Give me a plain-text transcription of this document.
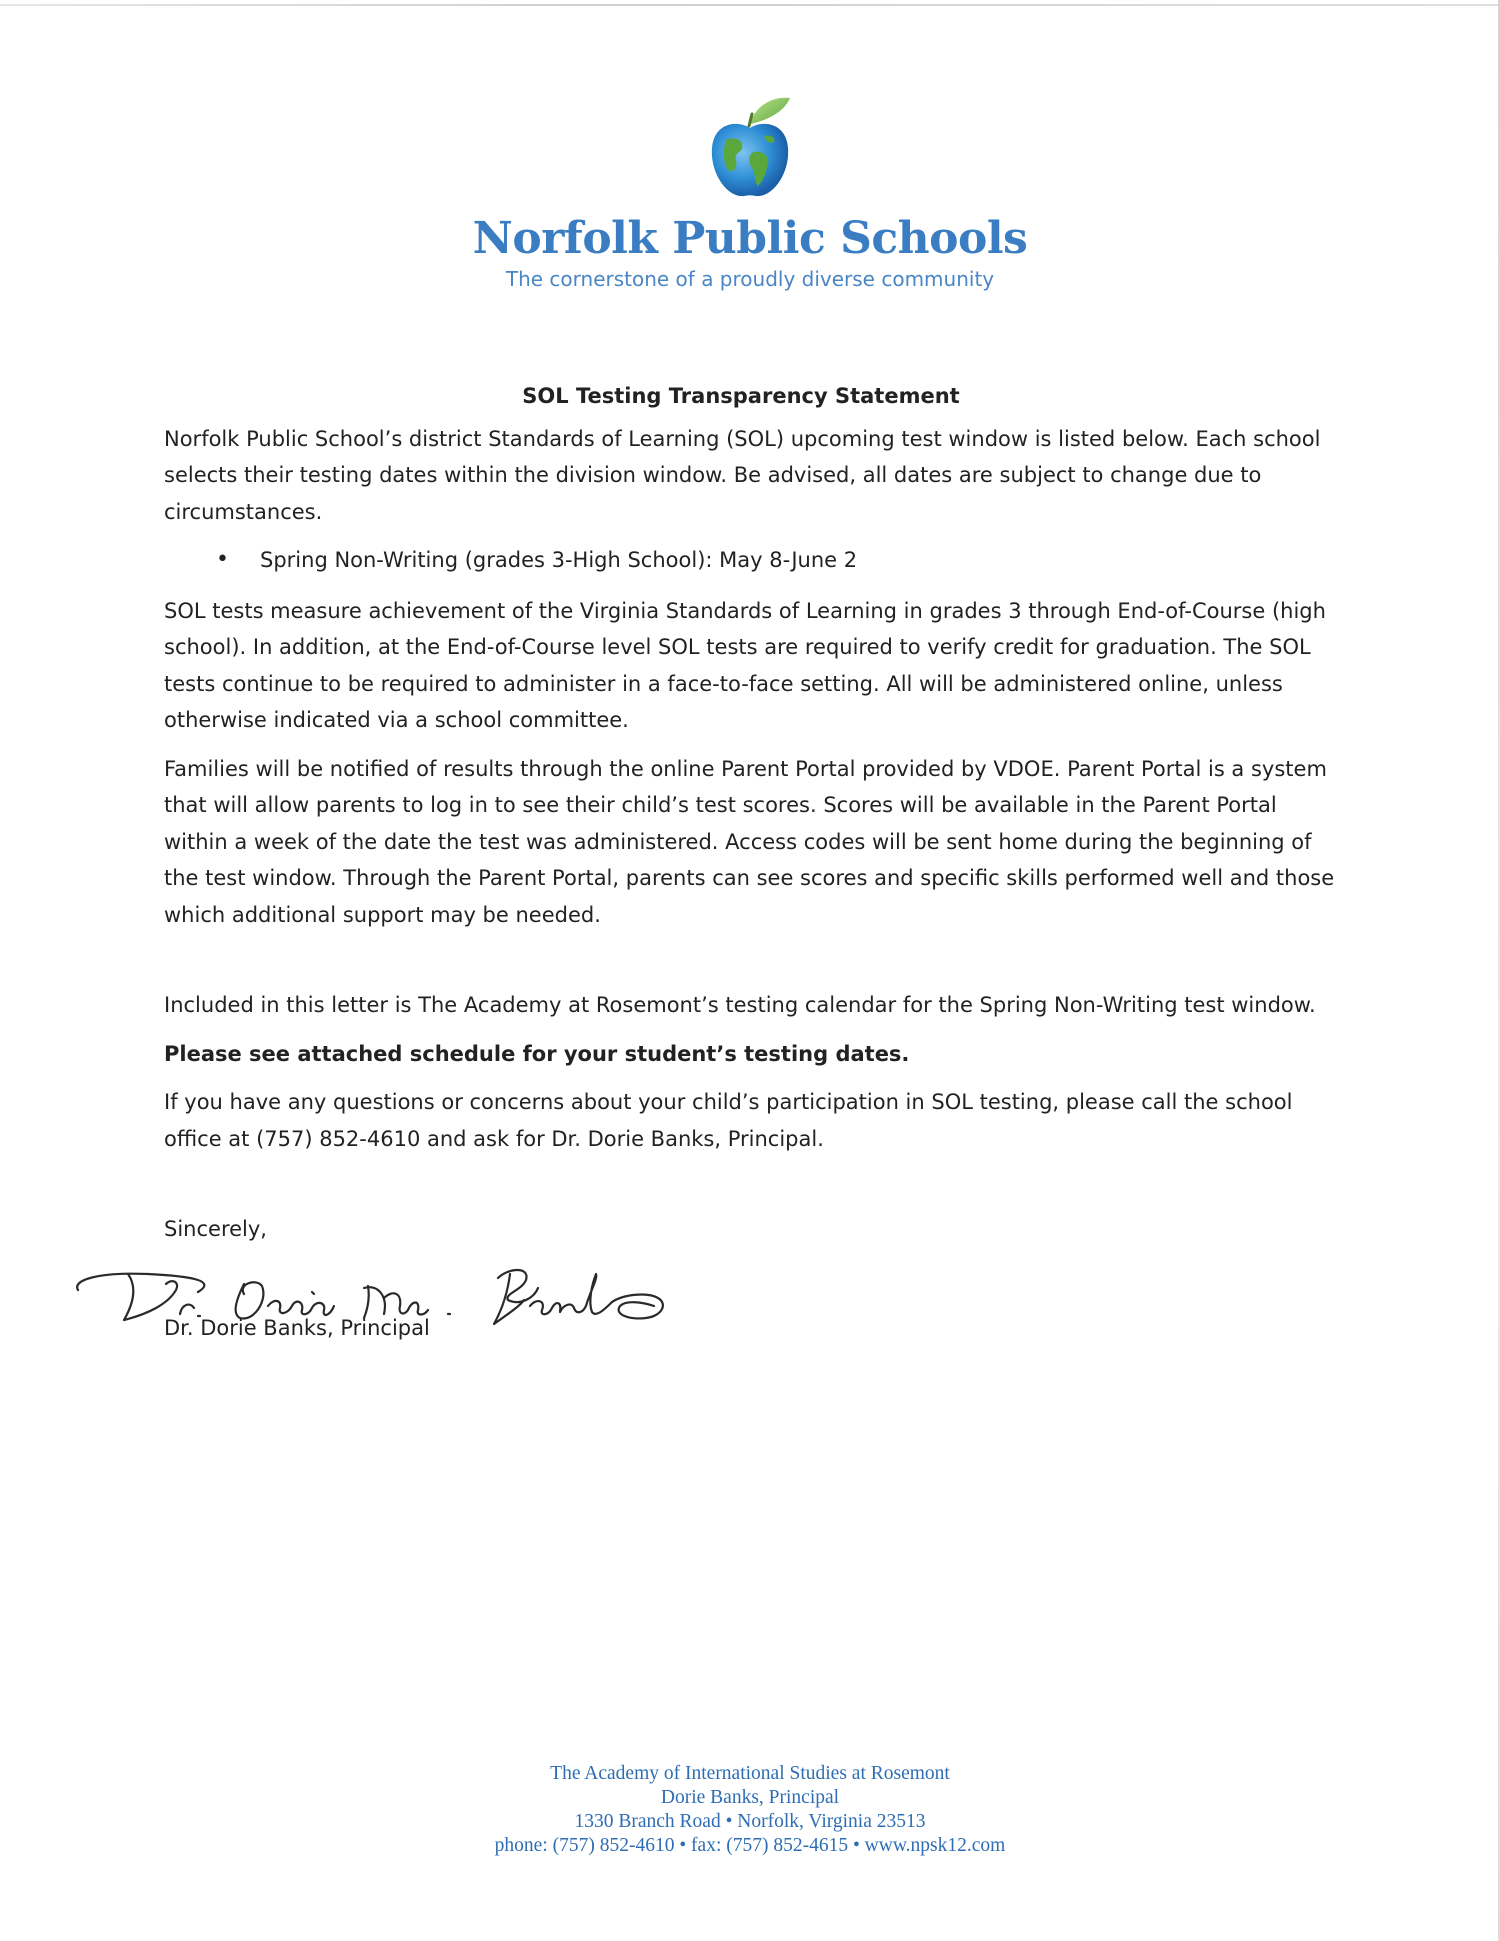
Norfolk Public Schools
The cornerstone of a proudly diverse community
SOL Testing Transparency Statement

Norfolk Public School’s district Standards of Learning (SOL) upcoming test window is listed below. Each school selects their testing dates within the division window. Be advised, all dates are subject to change due to circumstances.

• Spring Non-Writing (grades 3-High School): May 8-June 2

SOL tests measure achievement of the Virginia Standards of Learning in grades 3 through End-of-Course (high school). In addition, at the End-of-Course level SOL tests are required to verify credit for graduation. The SOL tests continue to be required to administer in a face-to-face setting. All will be administered online, unless otherwise indicated via a school committee.

Families will be notified of results through the online Parent Portal provided by VDOE. Parent Portal is a system that will allow parents to log in to see their child’s test scores. Scores will be available in the Parent Portal within a week of the date the test was administered. Access codes will be sent home during the beginning of the test window. Through the Parent Portal, parents can see scores and specific skills performed well and those which additional support may be needed.

Included in this letter is The Academy at Rosemont’s testing calendar for the Spring Non-Writing test window.

Please see attached schedule for your student’s testing dates.

If you have any questions or concerns about your child’s participation in SOL testing, please call the school office at (757) 852-4610 and ask for Dr. Dorie Banks, Principal.

Sincerely,
Dr. Dorie Banks, Principal
The Academy of International Studies at Rosemont
Dorie Banks, Principal
1330 Branch Road • Norfolk, Virginia 23513
phone: (757) 852-4610 • fax: (757) 852-4615 • www.npsk12.com
